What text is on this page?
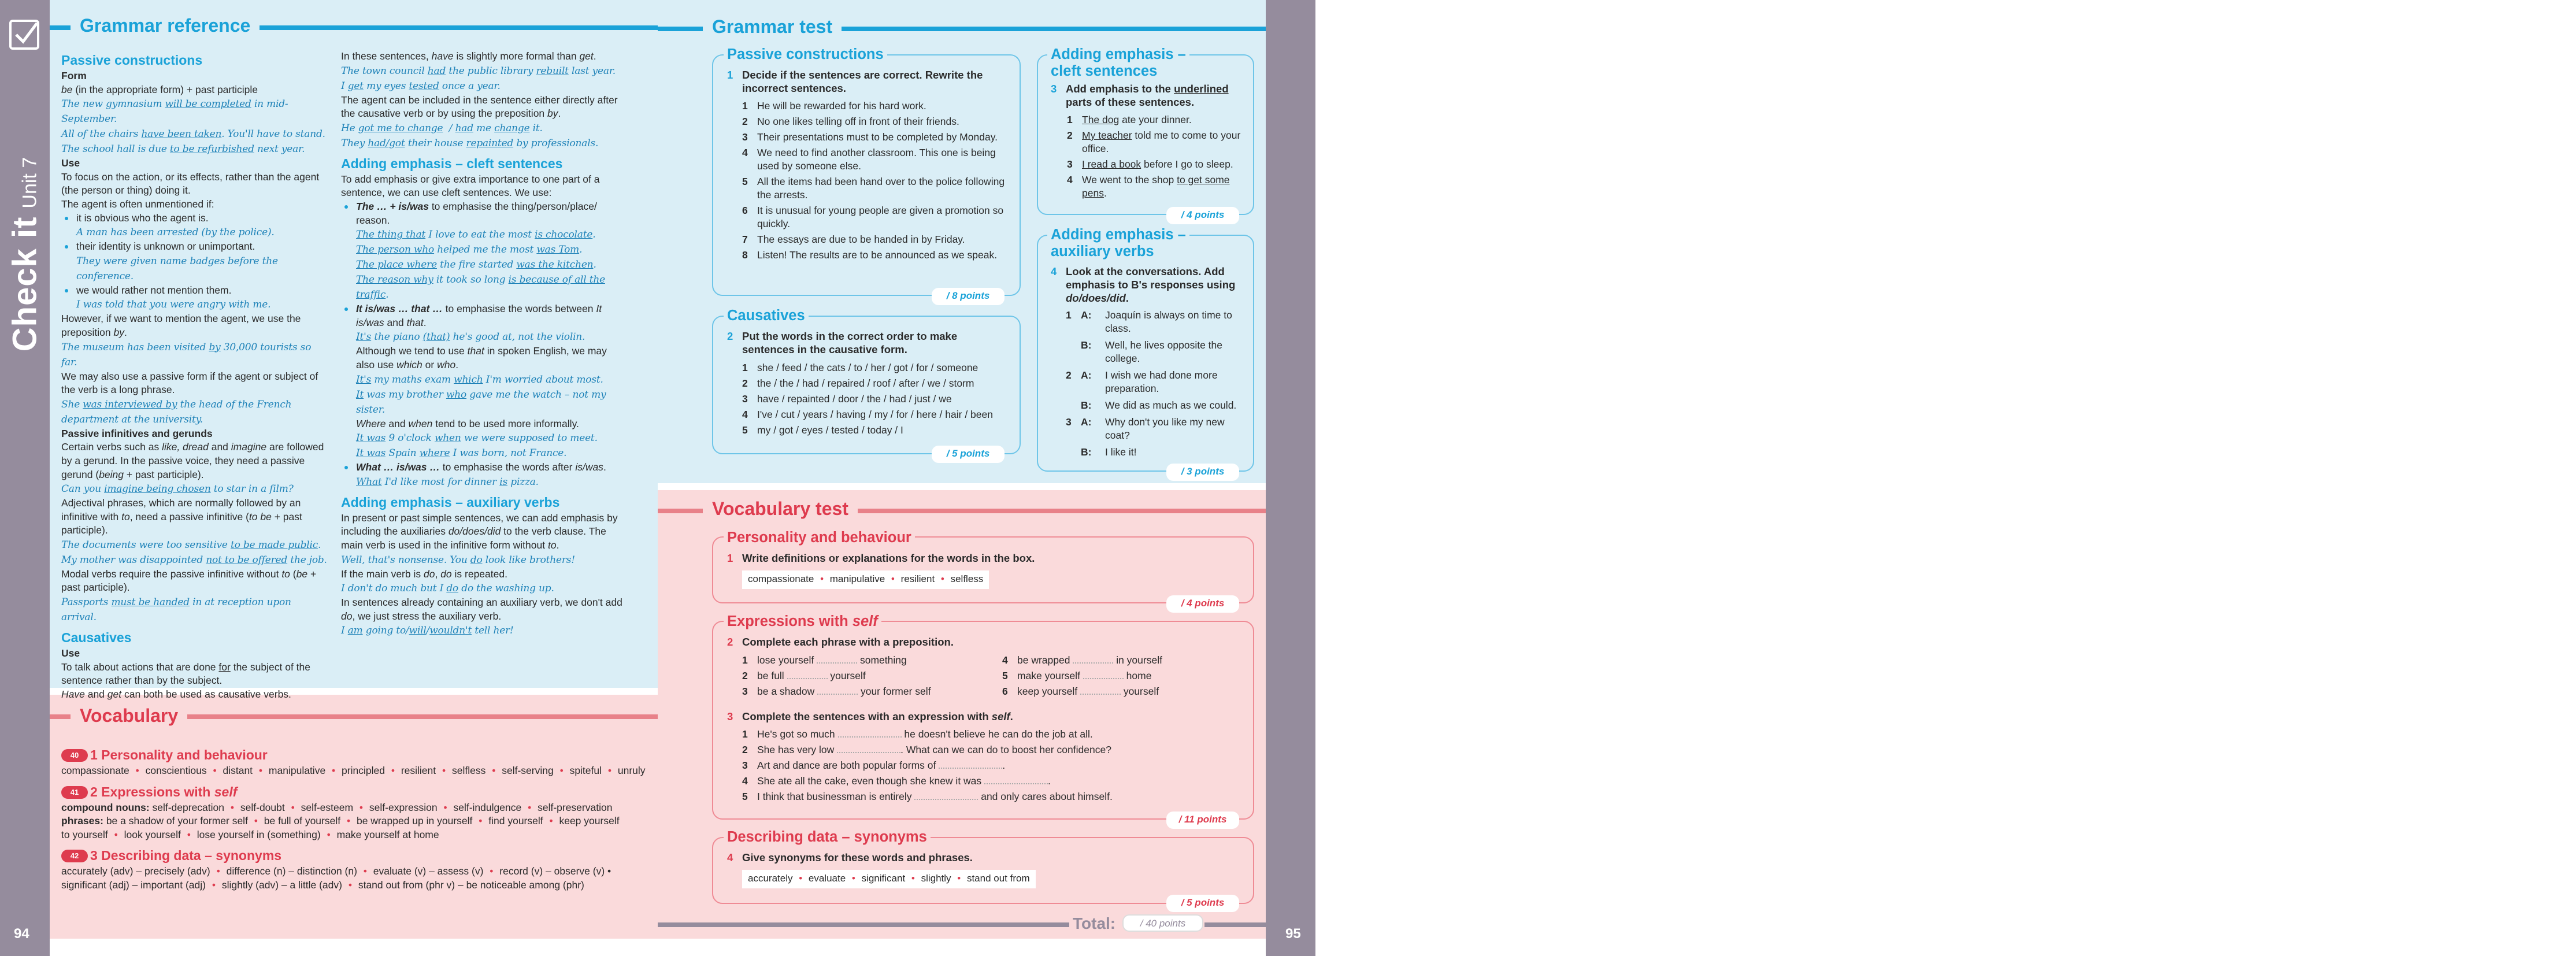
Check itUnit 7
94
Test yourselfUnit 7
95
Grammar reference
Passive constructions
Form
be (in the appropriate form) + past participle
The new gymnasium will be completed in mid-September.
All of the chairs have been taken. You'll have to stand.
The school hall is due to be refurbished next year.
Use
To focus on the action, or its effects, rather than the agent (the person or thing) doing it.
The agent is often unmentioned if:
it is obvious who the agent is.
A man has been arrested (by the police).
their identity is unknown or unimportant.
They were given name badges before the conference.
we would rather not mention them.
I was told that you were angry with me.
However, if we want to mention the agent, we use the preposition by.
The museum has been visited by 30,000 tourists so far.
We may also use a passive form if the agent or subject of the verb is a long phrase.
She was interviewed by the head of the French department at the university.
Passive infinitives and gerunds
Certain verbs such as like, dread and imagine are followed by a gerund. In the passive voice, they need a passive gerund (being + past participle).
Can you imagine being chosen to star in a film?
Adjectival phrases, which are normally followed by an infinitive with to, need a passive infinitive (to be + past participle).
The documents were too sensitive to be made public.
My mother was disappointed not to be offered the job.
Modal verbs require the passive infinitive without to (be + past participle).
Passports must be handed in at reception upon arrival.
Causatives
Use
To talk about actions that are done for the subject of the sentence rather than by the subject.
Have and get can both be used as causative verbs.
In these sentences, have is slightly more formal than get.
The town council had the public library rebuilt last year.
I get my eyes tested once a year.
The agent can be included in the sentence either directly after the causative verb or by using the preposition by.
He got me to change  / had me change it.
They had/got their house repainted by professionals.
Adding emphasis – cleft sentences
To add emphasis or give extra importance to one part of a sentence, we can use cleft sentences. We use:
The … + is/was to emphasise the thing/person/place/ reason.
The thing that I love to eat the most is chocolate.
The person who helped me the most was Tom.
The place where the fire started was the kitchen.
The reason why it took so long is because of all the traffic.
It is/was … that … to emphasise the words between It is/was and that.
It's the piano (that) he's good at, not the violin.
Although we tend to use that in spoken English, we may also use which or who.
It's my maths exam which I'm worried about most.
It was my brother who gave me the watch – not my sister.
Where and when tend to be used more informally.
It was 9 o'clock when we were supposed to meet.
It was Spain where I was born, not France.
What … is/was … to emphasise the words after is/was.
What I'd like most for dinner is pizza.
Adding emphasis – auxiliary verbs
In present or past simple sentences, we can add emphasis by including the auxiliaries do/does/did to the verb clause. The main verb is used in the infinitive form without to.
Well, that's nonsense. You do look like brothers!
If the main verb is do, do is repeated.
I don't do much but I do do the washing up.
In sentences already containing an auxiliary verb, we don't add do, we just stress the auxiliary verb.
I am going to/will/wouldn't tell her!
Vocabulary
40 1 Personality and behaviour
compassionate • conscientious • distant • manipulative • principled • resilient • selfless • self-serving • spiteful • unruly
41 2 Expressions with self
compound nouns: self-deprecation • self-doubt • self-esteem • self-expression • self-indulgence • self-preservation
phrases: be a shadow of your former self • be full of yourself • be wrapped up in yourself • find yourself • keep yourself
to yourself • look yourself • lose yourself in (something) • make yourself at home
42 3 Describing data – synonyms
accurately (adv) – precisely (adv) • difference (n) – distinction (n) • evaluate (v) – assess (v) • record (v) – observe (v) •
significant (adj) – important (adj) • slightly (adv) – a little (adv) • stand out from (phr v) – be noticeable among (phr)
Grammar test
Passive constructions
1 Decide if the sentences are correct. Rewrite the incorrect sentences.
1 He will be rewarded for his hard work.
2 No one likes telling off in front of their friends.
3 Their presentations must to be completed by Monday.
4 We need to find another classroom. This one is being used by someone else.
5 All the items had been hand over to the police following the arrests.
6 It is unusual for young people are given a promotion so quickly.
7 The essays are due to be handed in by Friday.
8 Listen! The results are to be announced as we speak.
/ 8 points
Causatives
2 Put the words in the correct order to make sentences in the causative form.
1 she / feed / the cats / to / her / got / for / someone
2 the / the / had / repaired / roof / after / we / storm
3 have / repainted / door / the / had / just / we
4 I've / cut / years / having / my / for / here / hair / been
5 my / got / eyes / tested / today / I
/ 5 points
Adding emphasis –
cleft sentences
3 Add emphasis to the underlined parts of these sentences.
1 The dog ate your dinner.
2 My teacher told me to come to your office.
3 I read a book before I go to sleep.
4 We went to the shop to get some pens.
/ 4 points
Adding emphasis –
auxiliary verbs
4 Look at the conversations. Add emphasis to B's responses using do/does/did.
1 A: Joaquín is always on time to class.
B: Well, he lives opposite the college.
2 A: I wish we had done more preparation.
B: We did as much as we could.
3 A: Why don't you like my new coat?
B: I like it!
/ 3 points
Vocabulary test
Personality and behaviour
1 Write definitions or explanations for the words in the box.
compassionate • manipulative • resilient • selfless
/ 4 points
Expressions with self
2 Complete each phrase with a preposition.
1 lose yourself	something
2 be full	yourself
3 be a shadow	your former self
4 be wrapped	in yourself
5 make yourself	home
6 keep yourself	yourself
3 Complete the sentences with an expression with self.
1 He's got so much	he doesn't believe he can do the job at all.
2 She has very low	. What can we can do to boost her confidence?
3 Art and dance are both popular forms of	.
4 She ate all the cake, even though she knew it was	.
5 I think that businessman is entirely	and only cares about himself.
/ 11 points
Describing data – synonyms
4 Give synonyms for these words and phrases.
accurately • evaluate • significant • slightly • stand out from
/ 5 points
Total:	/ 40 points
